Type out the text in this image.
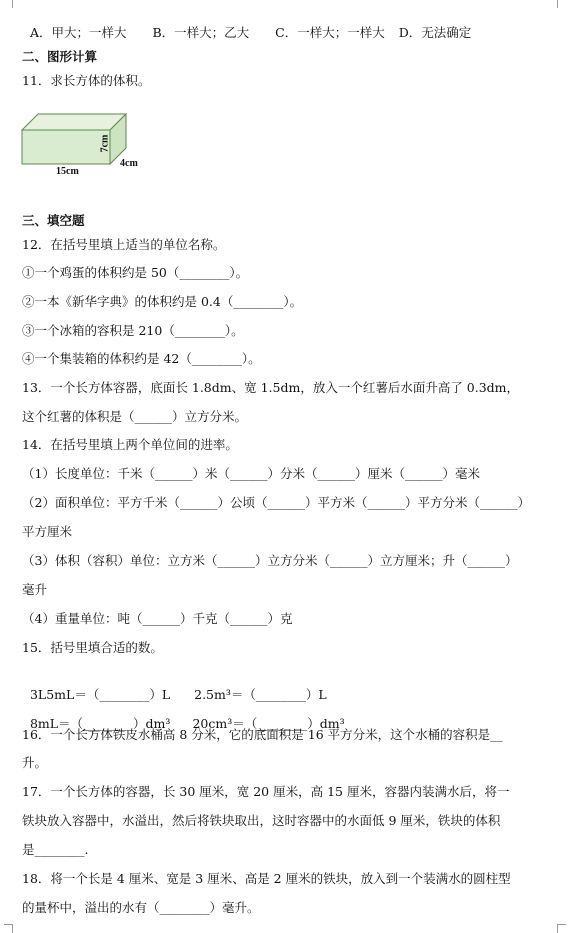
A．甲大；一样大 B．一样大；乙大 C．一样大；一样大 D．无法确定

二、图形计算
11．求长方体的体积。
15cm
7cm
4cm
三、填空题
12．在括号里填上适当的单位名称。
①一个鸡蛋的体积约是 50（________）。
②一本《新华字典》的体积约是 0.4（________）。
③一个冰箱的容积是 210（________）。
④一个集装箱的体积约是 42（________）。
13．一个长方体容器，底面长 1.8dm、宽 1.5dm，放入一个红薯后水面升高了 0.3dm，
这个红薯的体积是（______）立方分米。
14．在括号里填上两个单位间的进率。
（1）长度单位：千米（______）米（______）分米（______）厘米（______）毫米
（2）面积单位：平方千米（______）公顷（______）平方米（______）平方分米（______）
平方厘米
（3）体积（容积）单位：立方米（______）立方分米（______）立方厘米；升（______）
毫升
（4）重量单位：吨（______）千克（______）克
15．括号里填合适的数。

3L5mL＝（________）L 2.5m³＝（________）L

8mL＝（________）dm³ 20cm³＝（________）dm³

16．一个长方体铁皮水桶高 8 分米，它的底面积是 16 平方分米，这个水桶的容积是__
升。
17．一个长方体的容器，长 30 厘米，宽 20 厘米，高 15 厘米，容器内装满水后，将一
铁块放入容器中，水溢出，然后将铁块取出，这时容器中的水面低 9 厘米，铁块的体积
是________.
18．将一个长是 4 厘米、宽是 3 厘米、高是 2 厘米的铁块，放入到一个装满水的圆柱型
的量杯中，溢出的水有（________）毫升。
